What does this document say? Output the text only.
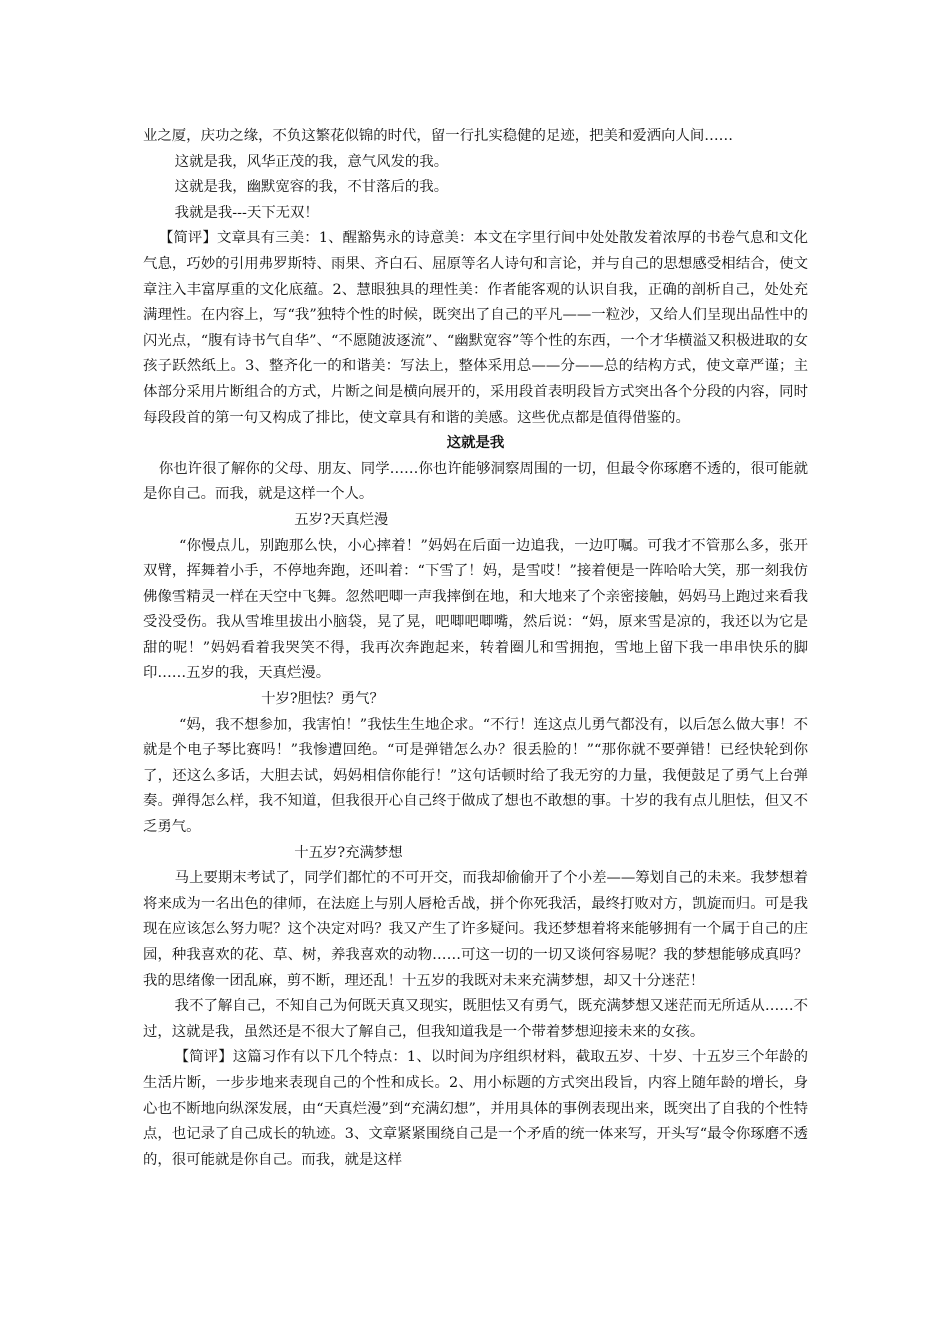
业之厦，庆功之缘，不负这繁花似锦的时代，留一行扎实稳健的足迹，把美和爱洒向人间……

这就是我，风华正茂的我，意气风发的我。

这就是我，幽默宽容的我，不甘落后的我。

我就是我---天下无双！

【简评】文章具有三美：1、醒豁隽永的诗意美：本文在字里行间中处处散发着浓厚的书卷气息和文化气息，巧妙的引用弗罗斯特、雨果、齐白石、屈原等名人诗句和言论，并与自己的思想感受相结合，使文章注入丰富厚重的文化底蕴。2、慧眼独具的理性美：作者能客观的认识自我，正确的剖析自己，处处充满理性。在内容上，写“我”独特个性的时候，既突出了自己的平凡——一粒沙，又给人们呈现出品性中的闪光点，“腹有诗书气自华”、“不愿随波逐流”、“幽默宽容”等个性的东西，一个才华横溢又积极进取的女孩子跃然纸上。3、整齐化一的和谐美：写法上，整体采用总——分——总的结构方式，使文章严谨；主体部分采用片断组合的方式，片断之间是横向展开的，采用段首表明段旨方式突出各个分段的内容，同时每段段首的第一句又构成了排比，使文章具有和谐的美感。这些优点都是值得借鉴的。

这就是我

你也许很了解你的父母、朋友、同学……你也许能够洞察周围的一切，但最令你琢磨不透的，很可能就是你自己。而我，就是这样一个人。

五岁?天真烂漫

“你慢点儿，别跑那么快，小心摔着！”妈妈在后面一边追我，一边叮嘱。可我才不管那么多，张开双臂，挥舞着小手，不停地奔跑，还叫着：“下雪了！妈，是雪哎！”接着便是一阵哈哈大笑，那一刻我仿佛像雪精灵一样在天空中飞舞。忽然吧唧一声我摔倒在地，和大地来了个亲密接触，妈妈马上跑过来看我受没受伤。我从雪堆里拔出小脑袋，晃了晃，吧唧吧唧嘴，然后说：“妈，原来雪是凉的，我还以为它是甜的呢！”妈妈看着我哭笑不得，我再次奔跑起来，转着圈儿和雪拥抱，雪地上留下我一串串快乐的脚印……五岁的我，天真烂漫。

十岁?胆怯？勇气？

“妈，我不想参加，我害怕！”我怯生生地企求。“不行！连这点儿勇气都没有，以后怎么做大事！不就是个电子琴比赛吗！”我惨遭回绝。“可是弹错怎么办？很丢脸的！”“那你就不要弹错！已经快轮到你了，还这么多话，大胆去试，妈妈相信你能行！”这句话顿时给了我无穷的力量，我便鼓足了勇气上台弹奏。弹得怎么样，我不知道，但我很开心自己终于做成了想也不敢想的事。十岁的我有点儿胆怯，但又不乏勇气。

十五岁?充满梦想

马上要期末考试了，同学们都忙的不可开交，而我却偷偷开了个小差——筹划自己的未来。我梦想着将来成为一名出色的律师，在法庭上与别人唇枪舌战，拼个你死我活，最终打败对方，凯旋而归。可是我现在应该怎么努力呢？这个决定对吗？我又产生了许多疑问。我还梦想着将来能够拥有一个属于自己的庄园，种我喜欢的花、草、树，养我喜欢的动物……可这一切的一切又谈何容易呢？我的梦想能够成真吗？我的思绪像一团乱麻，剪不断，理还乱！十五岁的我既对未来充满梦想，却又十分迷茫！

我不了解自己，不知自己为何既天真又现实，既胆怯又有勇气，既充满梦想又迷茫而无所适从……不过，这就是我，虽然还是不很大了解自己，但我知道我是一个带着梦想迎接未来的女孩。

【简评】这篇习作有以下几个特点：1、以时间为序组织材料，截取五岁、十岁、十五岁三个年龄的生活片断，一步步地来表现自己的个性和成长。2、用小标题的方式突出段旨，内容上随年龄的增长，身心也不断地向纵深发展，由“天真烂漫”到“充满幻想”，并用具体的事例表现出来，既突出了自我的个性特点，也记录了自己成长的轨迹。3、文章紧紧围绕自己是一个矛盾的统一体来写，开头写“最令你琢磨不透的，很可能就是你自己。而我，就是这样
